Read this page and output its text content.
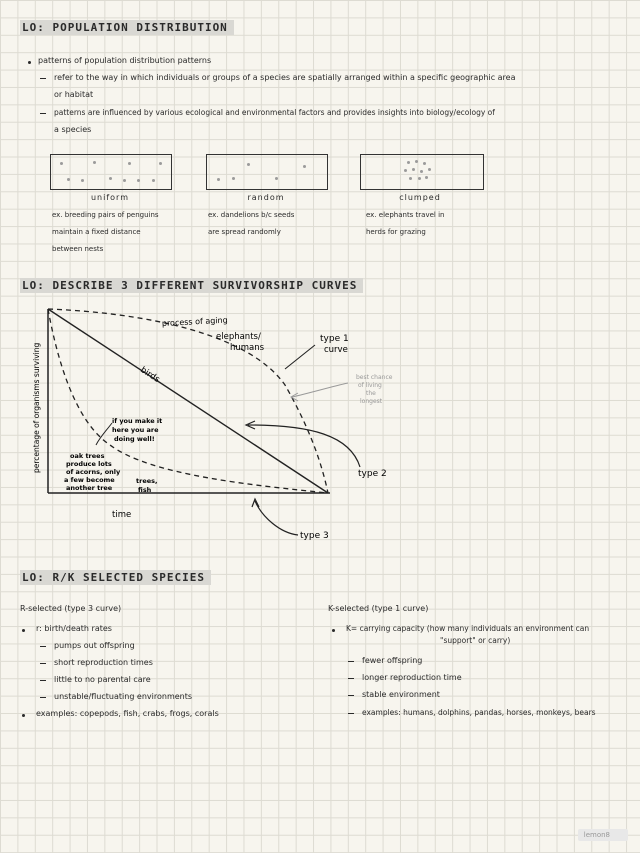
LO: POPULATION DISTRIBUTION
patterns of population distribution patterns
refer to the way in which individuals or groups of a species are spatially arranged within a specific geographic area
or habitat
patterns are influenced by various ecological and environmental factors and provides insights into biology/ecology of
a species
uniform	random	clumped
ex. breeding pairs of penguins
maintain a fixed distance
between nests
ex. dandelions b/c seeds
are spread randomly
ex. elephants travel in
herds for grazing
LO: DESCRIBE 3 DIFFERENT SURVIVORSHIP CURVES
percentage of organisms surviving
time
process of aging
elephants/
humans
type 1
curve
best chance
of living
the
longest
birds
if you make it
here you are
doing well!
oak trees
produce lots
of acorns, only
a few become
another tree
trees,
fish
type 2
type 3
LO: R/K SELECTED SPECIES
R-selected (type 3 curve)
r: birth/death rates
pumps out offspring
short reproduction times
little to no parental care
unstable/fluctuating environments
examples: copepods, fish, crabs, frogs, corals
K-selected (type 1 curve)
K= carrying capacity (how many individuals an environment can
"support" or carry)
fewer offspring
longer reproduction time
stable environment
examples: humans, dolphins, pandas, horses, monkeys, bears
lemon8
